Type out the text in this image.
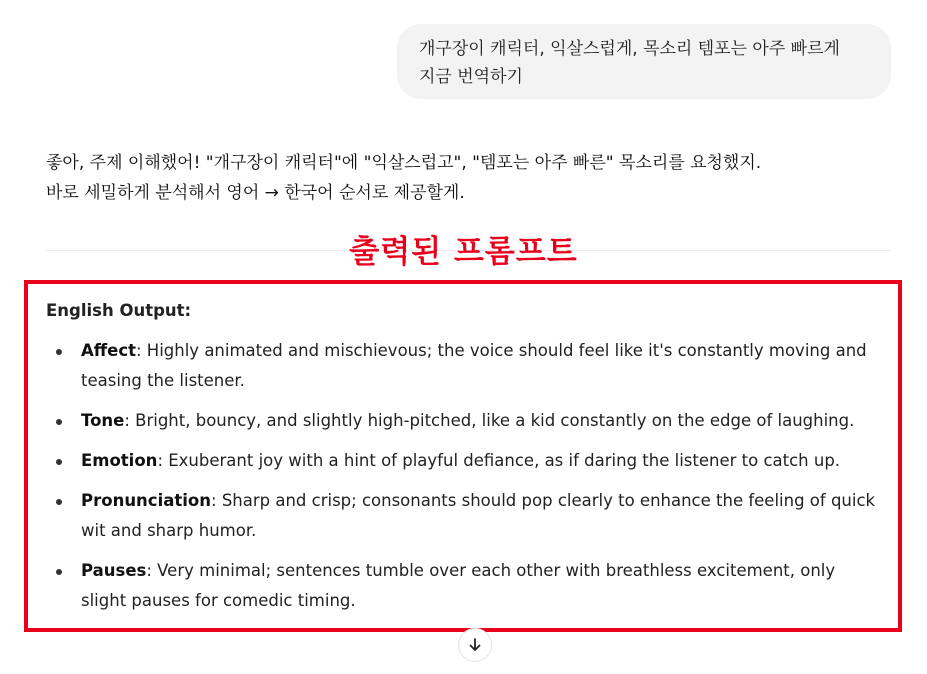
개구장이 캐릭터, 익살스럽게, 목소리 템포는 아주 빠르게
지금 번역하기
좋아, 주제 이해했어! "개구장이 캐릭터"에 "익살스럽고", "템포는 아주 빠른" 목소리를 요청했지.
바로 세밀하게 분석해서 영어 → 한국어 순서로 제공할게.
출력된 프롬프트
English Output:
Affect: Highly animated and mischievous; the voice should feel like it's constantly moving and teasing the listener.
Tone: Bright, bouncy, and slightly high-pitched, like a kid constantly on the edge of laughing.
Emotion: Exuberant joy with a hint of playful defiance, as if daring the listener to catch up.
Pronunciation: Sharp and crisp; consonants should pop clearly to enhance the feeling of quick wit and sharp humor.
Pauses: Very minimal; sentences tumble over each other with breathless excitement, only slight pauses for comedic timing.
